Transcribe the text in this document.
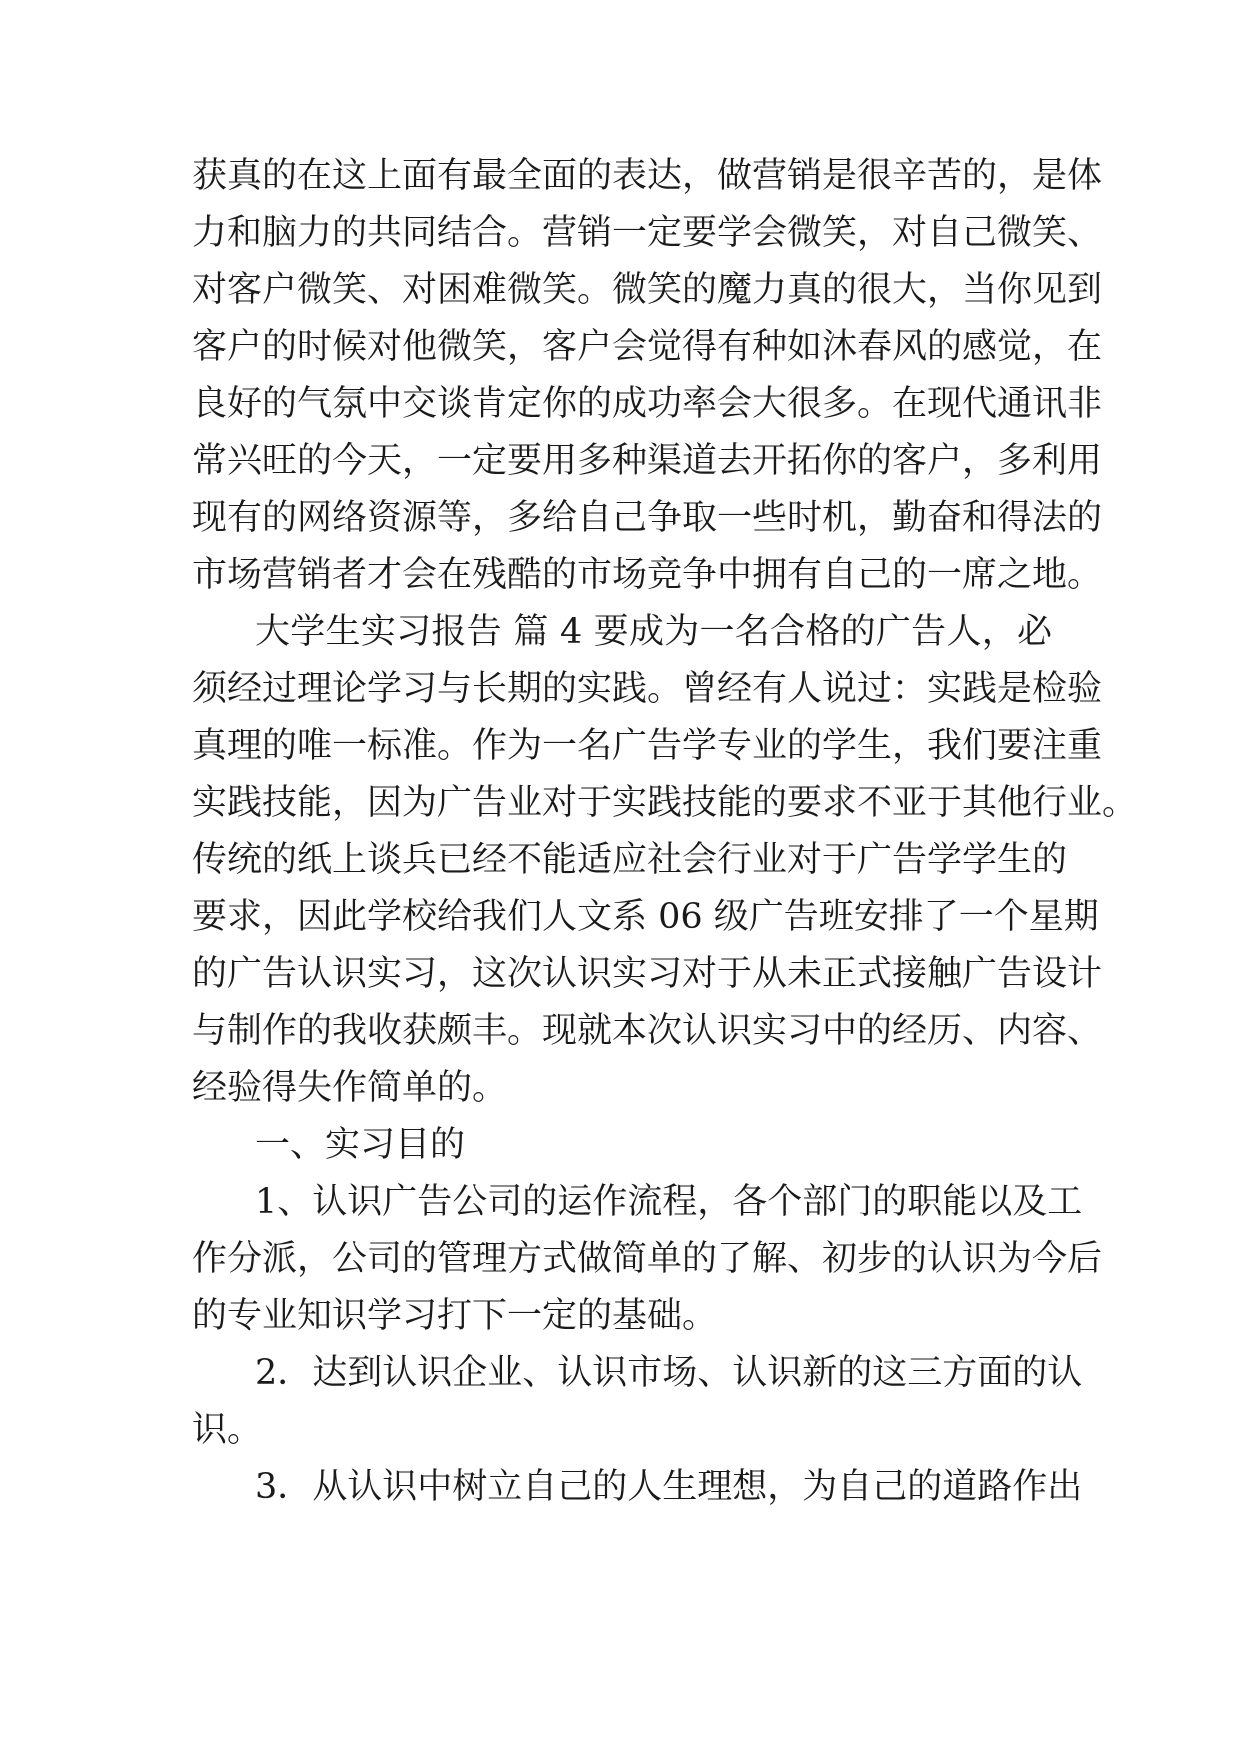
获真的在这上面有最全面的表达，做营销是很辛苦的，是体
力和脑力的共同结合。营销一定要学会微笑，对自己微笑、
对客户微笑、对困难微笑。微笑的魔力真的很大，当你见到
客户的时候对他微笑，客户会觉得有种如沐春风的感觉，在
良好的气氛中交谈肯定你的成功率会大很多。在现代通讯非
常兴旺的今天，一定要用多种渠道去开拓你的客户，多利用
现有的网络资源等，多给自己争取一些时机，勤奋和得法的
市场营销者才会在残酷的市场竞争中拥有自己的一席之地。
大学生实习报告 篇 4 要成为一名合格的广告人，必
须经过理论学习与长期的实践。曾经有人说过：实践是检验
真理的唯一标准。作为一名广告学专业的学生，我们要注重
实践技能，因为广告业对于实践技能的要求不亚于其他行业。
传统的纸上谈兵已经不能适应社会行业对于广告学学生的
要求，因此学校给我们人文系 06 级广告班安排了一个星期
的广告认识实习，这次认识实习对于从未正式接触广告设计
与制作的我收获颇丰。现就本次认识实习中的经历、内容、
经验得失作简单的。
一、实习目的
1、认识广告公司的运作流程，各个部门的职能以及工
作分派，公司的管理方式做简单的了解、初步的认识为今后
的专业知识学习打下一定的基础。
2．达到认识企业、认识市场、认识新的这三方面的认
识。
3．从认识中树立自己的人生理想，为自己的道路作出
